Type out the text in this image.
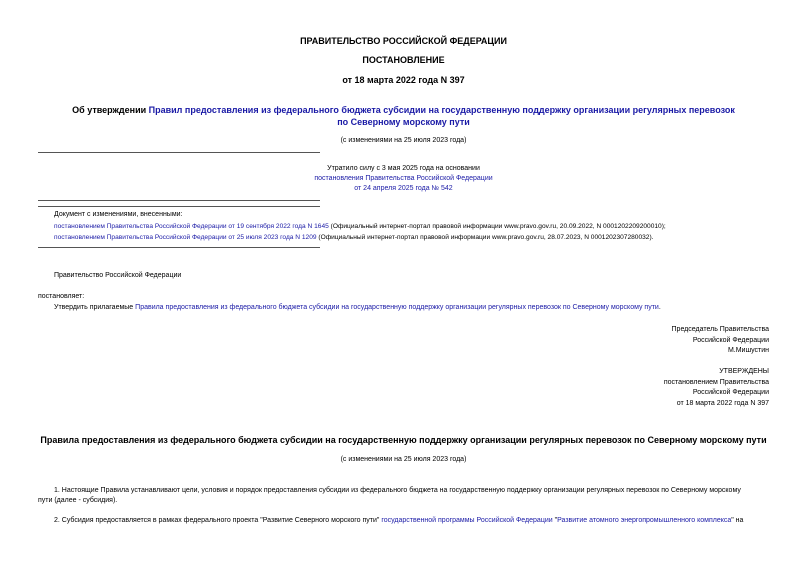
ПРАВИТЕЛЬСТВО РОССИЙСКОЙ ФЕДЕРАЦИИ
ПОСТАНОВЛЕНИЕ
от 18 марта 2022 года N 397
Об утверждении Правил предоставления из федерального бюджета субсидии на государственную поддержку организации регулярных перевозок по Северному морскому пути
(с изменениями на 25 июля 2023 года)
Утратило силу с 3 мая 2025 года на основании
постановления Правительства Российской Федерации
от 24 апреля 2025 года № 542
Документ с изменениями, внесенными:
постановлением Правительства Российской Федерации от 19 сентября 2022 года N 1645 (Официальный интернет-портал правовой информации www.pravo.gov.ru, 20.09.2022, N 0001202209200010);
постановлением Правительства Российской Федерации от 25 июля 2023 года N 1209 (Официальный интернет-портал правовой информации www.pravo.gov.ru, 28.07.2023, N 0001202307280032).
Правительство Российской Федерации
постановляет:
Утвердить прилагаемые Правила предоставления из федерального бюджета субсидии на государственную поддержку организации регулярных перевозок по Северному морскому пути.
Председатель Правительства
Российской Федерации
М.Мишустин
УТВЕРЖДЕНЫ
постановлением Правительства
Российской Федерации
от 18 марта 2022 года N 397
Правила предоставления из федерального бюджета субсидии на государственную поддержку организации регулярных перевозок по Северному морскому пути
(с изменениями на 25 июля 2023 года)
1. Настоящие Правила устанавливают цели, условия и порядок предоставления субсидии из федерального бюджета на государственную поддержку организации регулярных перевозок по Северному морскому
пути (далее - субсидия).
2. Субсидия предоставляется в рамках федерального проекта "Развитие Северного морского пути" государственной программы Российской Федерации "Развитие атомного энергопромышленного комплекса" на
